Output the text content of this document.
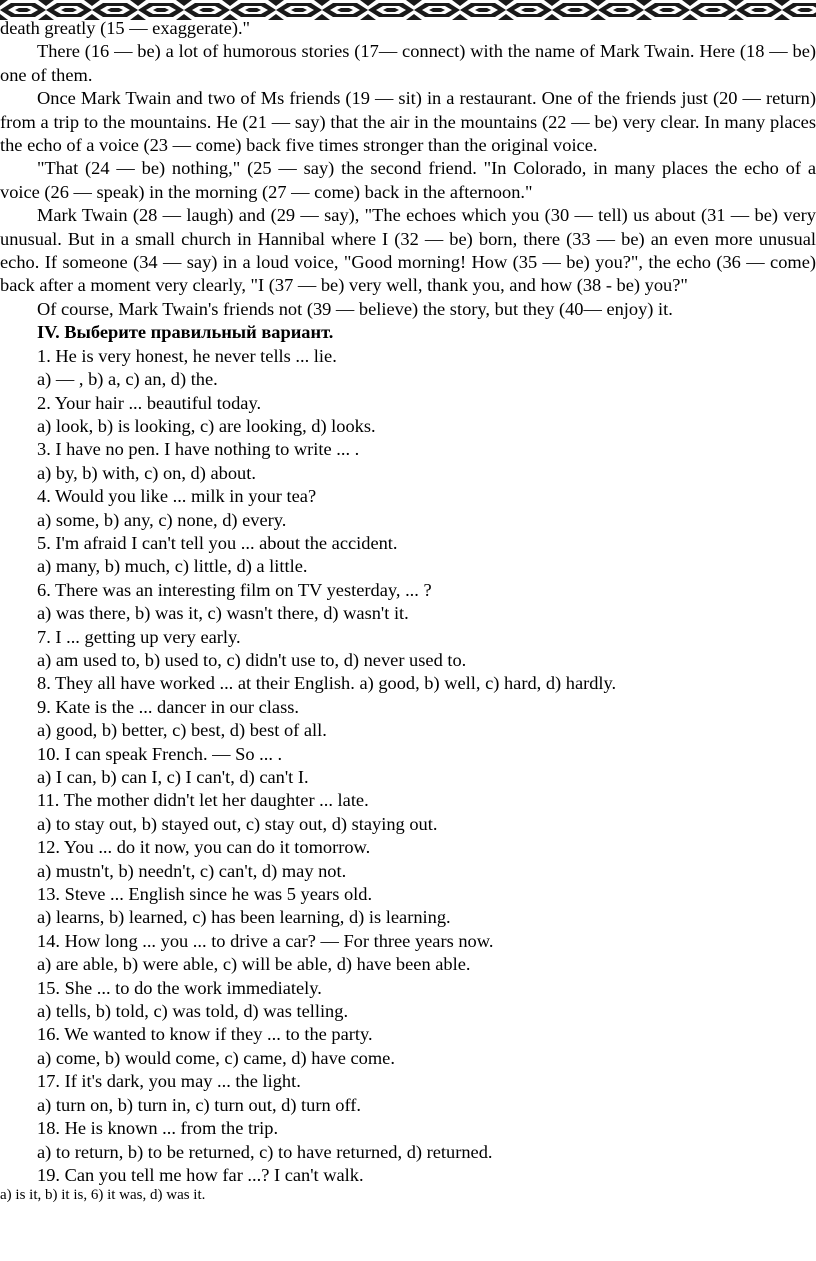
death greatly (15 — exaggerate)."

There (16 — be) a lot of humorous stories (17— connect) with the name of Mark Twain. Here (18 — be) one of them.

Once Mark Twain and two of Ms friends (19 — sit) in a restaurant. One of the friends just (20 — return) from a trip to the mountains. He (21 — say) that the air in the mountains (22 — be) very clear. In many places the echo of a voice (23 — come) back five times stronger than the original voice.

"That (24 — be) nothing," (25 — say) the second friend. "In Colorado, in many places the echo of a voice (26 — speak) in the morning (27 — come) back in the afternoon."

Mark Twain (28 — laugh) and (29 — say), "The echoes which you (30 — tell) us about (31 — be) very unusual. But in a small church in Hannibal where I (32 — be) born, there (33 — be) an even more unusual echo. If someone (34 — say) in a loud voice, "Good morning! How (35 — be) you?", the echo (36 — come) back after a moment very clearly, "I (37 — be) very well, thank you, and how (38 - be) you?"

Of course, Mark Twain's friends not (39 — believe) the story, but they (40— enjoy) it.

IV. Выберите правильный вариант.
1. He is very honest, he never tells ... lie.
a) — , b) a, c) an, d) the.
2. Your hair ... beautiful today.
a) look, b) is looking, c) are looking, d) looks.
3. I have no pen. I have nothing to write ... .
a) by, b) with, c) on, d) about.
4. Would you like ... milk in your tea?
a) some, b) any, c) none, d) every.
5. I'm afraid I can't tell you ... about the accident.
a) many, b) much, c) little, d) a little.
6. There was an interesting film on TV yesterday, ... ?
a) was there, b) was it, c) wasn't there, d) wasn't it.
7. I ... getting up very early.
a) am used to, b) used to, c) didn't use to, d) never used to.
8. They all have worked ... at their English. a) good, b) well, c) hard, d) hardly.
9. Kate is the ... dancer in our class.
a) good, b) better, c) best, d) best of all.
10. I can speak French. — So ... .
a) I can, b) can I, c) I can't, d) can't I.
11. The mother didn't let her daughter ... late.
a) to stay out, b) stayed out, c) stay out, d) staying out.
12. You ... do it now, you can do it tomorrow.
a) mustn't, b) needn't, c) can't, d) may not.
13. Steve ... English since he was 5 years old.
a) learns, b) learned, c) has been learning, d) is learning.
14. How long ... you ... to drive a car? — For three years now.
a) are able, b) were able, c) will be able, d) have been able.
15. She ... to do the work immediately.
a) tells, b) told, c) was told, d) was telling.
16. We wanted to know if they ... to the party.
a) come, b) would come, c) came, d) have come.
17. If it's dark, you may ... the light.
a) turn on, b) turn in, c) turn out, d) turn off.
18. He is known ... from the trip.
a) to return, b) to be returned, c) to have returned, d) returned.
19. Can you tell me how far ...? I can't walk.
a) is it, b) it is, 6) it was, d) was it.
